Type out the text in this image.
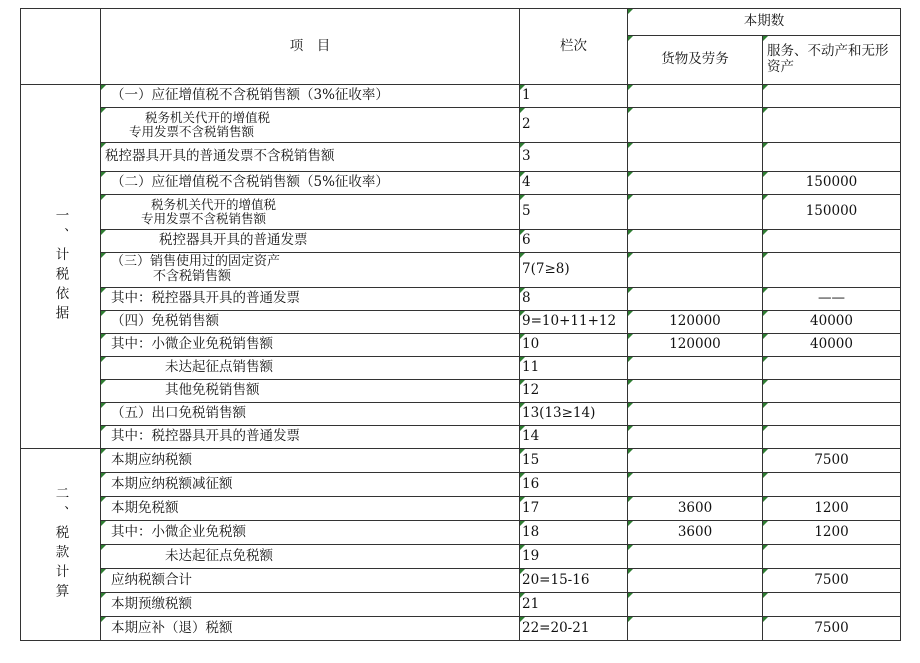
	项　目	栏次	本期数	
			货物及劳务	服务、不动产和无形资产

一、计税依据	（一）应征增值税不含税销售额（3%征收率）	1		

	税务机关代开的增值税
专用发票不含税销售额	2		
	税控器具开具的普通发票不含税销售额	3		
	（二）应征增值税不含税销售额（5%征收率）	4		150000

	税务机关代开的增值税
专用发票不含税销售额	5		150000
	税控器具开具的普通发票	6		

	（三）销售使用过的固定资产
不含税销售额	7(7≥8)		
	其中：税控器具开具的普通发票	8		——
	（四）免税销售额	9=10+11+12	120000	40000
	其中：小微企业免税销售额	10	120000	40000
	未达起征点销售额	11		
	其他免税销售额	12		
	（五）出口免税销售额	13(13≥14)		
	其中：税控器具开具的普通发票	14		

二、税款计算	本期应纳税额	15		7500
	本期应纳税额减征额	16		
	本期免税额	17	3600	1200
	其中：小微企业免税额	18	3600	1200
	未达起征点免税额	19		
	应纳税额合计	20=15-16		7500
	本期预缴税额	21		
	本期应补（退）税额	22=20-21		7500
